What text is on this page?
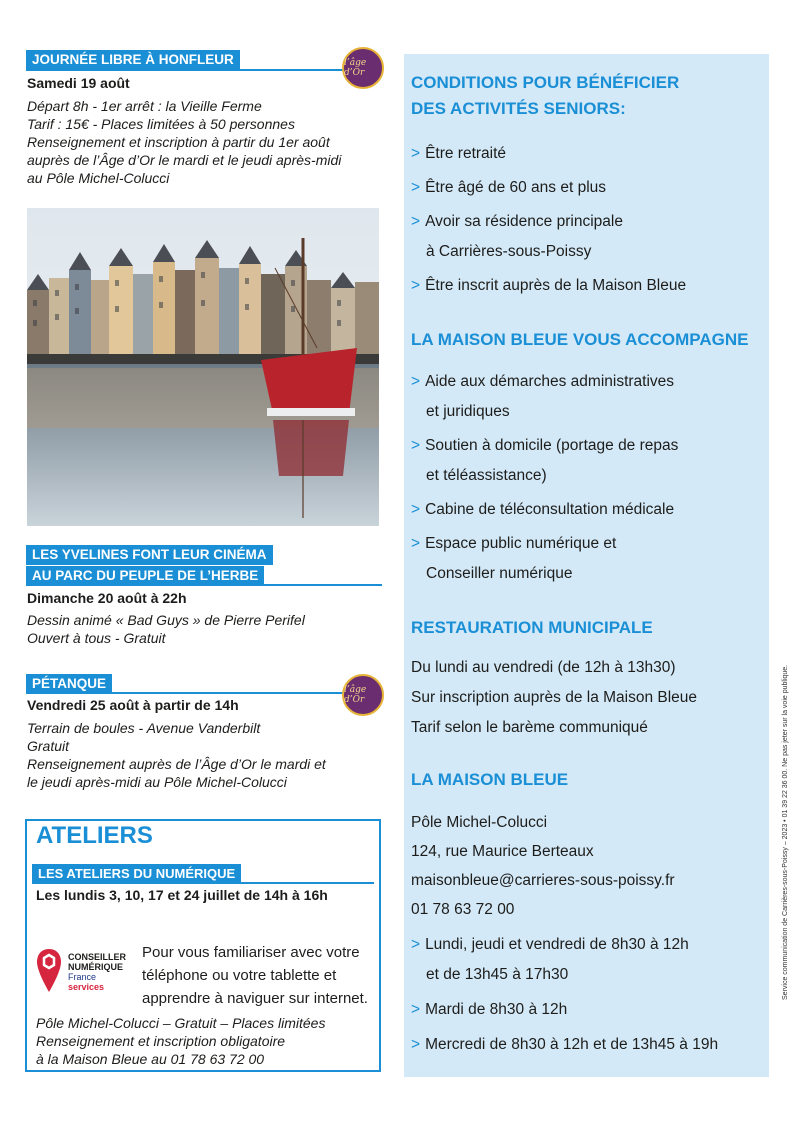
JOURNÉE LIBRE À HONFLEUR	l’âge d’Or
Samedi 19 août
Départ 8h - 1er arrêt : la Vieille Ferme
Tarif : 15€ - Places limitées à 50 personnes
Renseignement et inscription à partir du 1er août
auprès de l’Âge d’Or le mardi et le jeudi après-midi
au Pôle Michel-Colucci
LES YVELINES FONT LEUR CINÉMA
AU PARC DU PEUPLE DE L’HERBE
Dimanche 20 août à 22h
Dessin animé « Bad Guys » de Pierre Perifel
Ouvert à tous - Gratuit
PÉTANQUE	l’âge d’Or
Vendredi 25 août à partir de 14h
Terrain de boules - Avenue Vanderbilt
Gratuit
Renseignement auprès de l’Âge d’Or le mardi et
le jeudi après-midi au Pôle Michel-Colucci
ATELIERS
LES ATELIERS DU NUMÉRIQUE
Les lundis 3, 10, 17 et 24 juillet de 14h à 16h
CONSEILLER
NUMÉRIQUE
France
services
Pour vous familiariser avec votre
téléphone ou votre tablette et
apprendre à naviguer sur internet.
Pôle Michel-Colucci – Gratuit – Places limitées
Renseignement et inscription obligatoire
à la Maison Bleue au 01 78 63 72 00
CONDITIONS POUR BÉNÉFICIER
DES ACTIVITÉS SENIORS:
> Être retraité
> Être âgé de 60 ans et plus
> Avoir sa résidence principale
à Carrières-sous-Poissy
> Être inscrit auprès de la Maison Bleue
LA MAISON BLEUE VOUS ACCOMPAGNE
> Aide aux démarches administratives
et juridiques
> Soutien à domicile (portage de repas
et téléassistance)
> Cabine de téléconsultation médicale
> Espace public numérique et
Conseiller numérique
RESTAURATION MUNICIPALE
Du lundi au vendredi (de 12h à 13h30)
Sur inscription auprès de la Maison Bleue
Tarif selon le barème communiqué
LA MAISON BLEUE
Pôle Michel-Colucci
124, rue Maurice Berteaux
maisonbleue@carrieres-sous-poissy.fr
01 78 63 72 00
> Lundi, jeudi et vendredi de 8h30 à 12h
et de 13h45 à 17h30
> Mardi de 8h30 à 12h
> Mercredi de 8h30 à 12h et de 13h45 à 19h
Service communication de Carrières-sous-Poissy – 2023 • 01 39 22 36 00. Ne pas jeter sur la voie publique.
